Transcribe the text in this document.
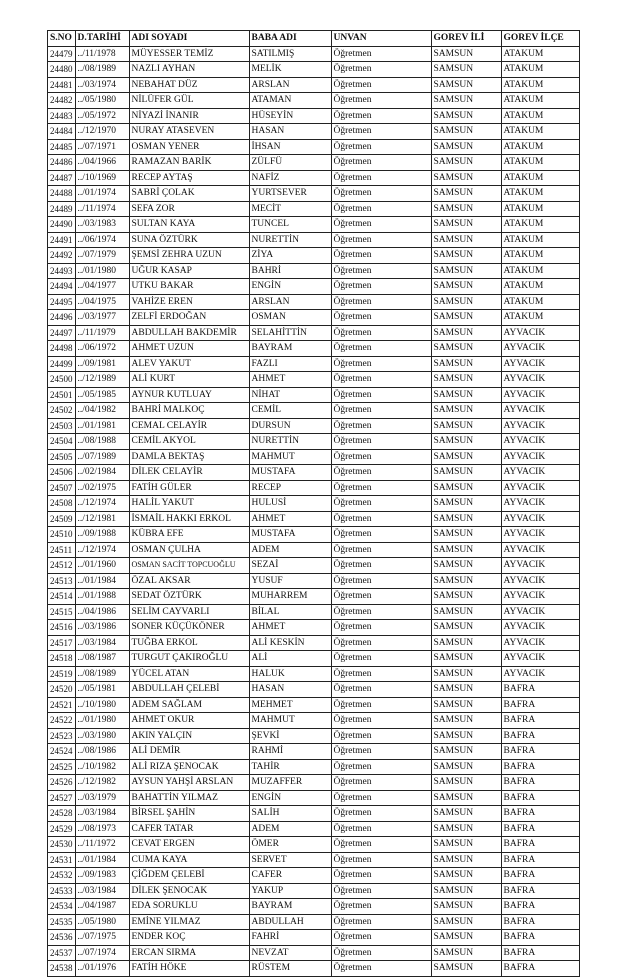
S.NO	D.TARİHİ	ADI SOYADI	BABA ADI	UNVAN	GOREV İLİ	GOREV İLÇE
24479	../11/1978	MÜYESSER TEMİZ	SATILMIŞ	Öğretmen	SAMSUN	ATAKUM
24480	../08/1989	NAZLI AYHAN	MELİK	Öğretmen	SAMSUN	ATAKUM
24481	../03/1974	NEBAHAT DÜZ	ARSLAN	Öğretmen	SAMSUN	ATAKUM
24482	../05/1980	NİLÜFER GÜL	ATAMAN	Öğretmen	SAMSUN	ATAKUM
24483	../05/1972	NİYAZİ İNANIR	HÜSEYİN	Öğretmen	SAMSUN	ATAKUM
24484	../12/1970	NURAY ATASEVEN	HASAN	Öğretmen	SAMSUN	ATAKUM
24485	../07/1971	OSMAN YENER	İHSAN	Öğretmen	SAMSUN	ATAKUM
24486	../04/1966	RAMAZAN BARİK	ZÜLFÜ	Öğretmen	SAMSUN	ATAKUM
24487	../10/1969	RECEP AYTAŞ	NAFİZ	Öğretmen	SAMSUN	ATAKUM
24488	../01/1974	SABRİ ÇOLAK	YURTSEVER	Öğretmen	SAMSUN	ATAKUM
24489	../11/1974	SEFA ZOR	MECİT	Öğretmen	SAMSUN	ATAKUM
24490	../03/1983	SULTAN KAYA	TUNCEL	Öğretmen	SAMSUN	ATAKUM
24491	../06/1974	SUNA ÖZTÜRK	NURETTİN	Öğretmen	SAMSUN	ATAKUM
24492	../07/1979	ŞEMSİ ZEHRA UZUN	ZİYA	Öğretmen	SAMSUN	ATAKUM
24493	../01/1980	UĞUR KASAP	BAHRİ	Öğretmen	SAMSUN	ATAKUM
24494	../04/1977	UTKU BAKAR	ENGİN	Öğretmen	SAMSUN	ATAKUM
24495	../04/1975	VAHİZE EREN	ARSLAN	Öğretmen	SAMSUN	ATAKUM
24496	../03/1977	ZELFİ ERDOĞAN	OSMAN	Öğretmen	SAMSUN	ATAKUM
24497	../11/1979	ABDULLAH BAKDEMİR	SELAHİTTİN	Öğretmen	SAMSUN	AYVACIK
24498	../06/1972	AHMET UZUN	BAYRAM	Öğretmen	SAMSUN	AYVACIK
24499	../09/1981	ALEV YAKUT	FAZLI	Öğretmen	SAMSUN	AYVACIK
24500	../12/1989	ALİ KURT	AHMET	Öğretmen	SAMSUN	AYVACIK
24501	../05/1985	AYNUR KUTLUAY	NİHAT	Öğretmen	SAMSUN	AYVACIK
24502	../04/1982	BAHRİ MALKOÇ	CEMİL	Öğretmen	SAMSUN	AYVACIK
24503	../01/1981	CEMAL CELAYİR	DURSUN	Öğretmen	SAMSUN	AYVACIK
24504	../08/1988	CEMİL AKYOL	NURETTİN	Öğretmen	SAMSUN	AYVACIK
24505	../07/1989	DAMLA BEKTAŞ	MAHMUT	Öğretmen	SAMSUN	AYVACIK
24506	../02/1984	DİLEK CELAYİR	MUSTAFA	Öğretmen	SAMSUN	AYVACIK
24507	../02/1975	FATİH GÜLER	RECEP	Öğretmen	SAMSUN	AYVACIK
24508	../12/1974	HALİL YAKUT	HULUSİ	Öğretmen	SAMSUN	AYVACIK
24509	../12/1981	İSMAİL HAKKI ERKOL	AHMET	Öğretmen	SAMSUN	AYVACIK
24510	../09/1988	KÜBRA EFE	MUSTAFA	Öğretmen	SAMSUN	AYVACIK
24511	../12/1974	OSMAN ÇULHA	ADEM	Öğretmen	SAMSUN	AYVACIK
24512	../01/1960	OSMAN SACİT TOPCUOĞLU	SEZAİ	Öğretmen	SAMSUN	AYVACIK
24513	../01/1984	ÖZAL AKSAR	YUSUF	Öğretmen	SAMSUN	AYVACIK
24514	../01/1988	SEDAT ÖZTÜRK	MUHARREM	Öğretmen	SAMSUN	AYVACIK
24515	../04/1986	SELİM CAYVARLI	BİLAL	Öğretmen	SAMSUN	AYVACIK
24516	../03/1986	SONER KÜÇÜKÖNER	AHMET	Öğretmen	SAMSUN	AYVACIK
24517	../03/1984	TUĞBA ERKOL	ALİ KESKİN	Öğretmen	SAMSUN	AYVACIK
24518	../08/1987	TURGUT ÇAKIROĞLU	ALİ	Öğretmen	SAMSUN	AYVACIK
24519	../08/1989	YÜCEL ATAN	HALUK	Öğretmen	SAMSUN	AYVACIK
24520	../05/1981	ABDULLAH ÇELEBİ	HASAN	Öğretmen	SAMSUN	BAFRA
24521	../10/1980	ADEM SAĞLAM	MEHMET	Öğretmen	SAMSUN	BAFRA
24522	../01/1980	AHMET OKUR	MAHMUT	Öğretmen	SAMSUN	BAFRA
24523	../03/1980	AKIN YALÇIN	ŞEVKİ	Öğretmen	SAMSUN	BAFRA
24524	../08/1986	ALİ DEMİR	RAHMİ	Öğretmen	SAMSUN	BAFRA
24525	../10/1982	ALİ RIZA ŞENOCAK	TAHİR	Öğretmen	SAMSUN	BAFRA
24526	../12/1982	AYSUN YAHŞİ ARSLAN	MUZAFFER	Öğretmen	SAMSUN	BAFRA
24527	../03/1979	BAHATTİN YILMAZ	ENGİN	Öğretmen	SAMSUN	BAFRA
24528	../03/1984	BİRSEL ŞAHİN	SALİH	Öğretmen	SAMSUN	BAFRA
24529	../08/1973	CAFER TATAR	ADEM	Öğretmen	SAMSUN	BAFRA
24530	../11/1972	CEVAT ERGEN	ÖMER	Öğretmen	SAMSUN	BAFRA
24531	../01/1984	CUMA KAYA	SERVET	Öğretmen	SAMSUN	BAFRA
24532	../09/1983	ÇİĞDEM ÇELEBİ	CAFER	Öğretmen	SAMSUN	BAFRA
24533	../03/1984	DİLEK ŞENOCAK	YAKUP	Öğretmen	SAMSUN	BAFRA
24534	../04/1987	EDA SORUKLU	BAYRAM	Öğretmen	SAMSUN	BAFRA
24535	../05/1980	EMİNE YILMAZ	ABDULLAH	Öğretmen	SAMSUN	BAFRA
24536	../07/1975	ENDER KOÇ	FAHRİ	Öğretmen	SAMSUN	BAFRA
24537	../07/1974	ERCAN SIRMA	NEVZAT	Öğretmen	SAMSUN	BAFRA
24538	../01/1976	FATİH HÖKE	RÜSTEM	Öğretmen	SAMSUN	BAFRA
